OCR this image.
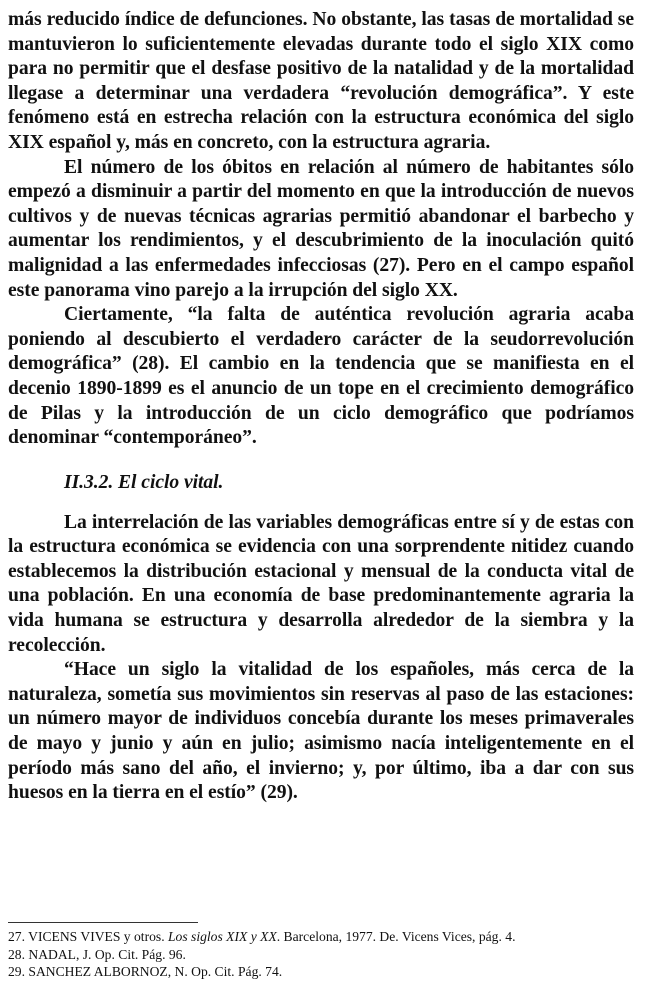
más reducido índice de defunciones. No obstante, las tasas de mortalidad se mantuvieron lo suficientemente elevadas durante todo el siglo XIX como para no permitir que el desfase positivo de la natalidad y de la mortalidad llegase a determinar una verdadera “revolución demográfica”. Y este fenómeno está en estrecha relación con la estructura económica del siglo XIX español y, más en concreto, con la estructura agraria.

El número de los óbitos en relación al número de habitantes sólo empezó a disminuir a partir del momento en que la introducción de nuevos cultivos y de nuevas técnicas agrarias permitió abandonar el barbecho y aumentar los rendimientos, y el descubrimiento de la inoculación quitó malignidad a las enfermedades infecciosas (27). Pero en el campo español este panorama vino parejo a la irrupción del siglo XX.

Ciertamente, “la falta de auténtica revolución agraria acaba poniendo al descubierto el verdadero carácter de la seudorrevolución demográfica” (28). El cambio en la tendencia que se manifiesta en el decenio 1890-1899 es el anuncio de un tope en el crecimiento demográfico de Pilas y la introducción de un ciclo demográfico que podríamos denominar “contemporáneo”.

II.3.2. El ciclo vital.

La interrelación de las variables demográficas entre sí y de estas con la estructura económica se evidencia con una sorprendente nitidez cuando establecemos la distribución estacional y mensual de la conducta vital de una población. En una economía de base predominantemente agraria la vida humana se estructura y desarrolla alrededor de la siembra y la recolección.

“Hace un siglo la vitalidad de los españoles, más cerca de la naturaleza, sometía sus movimientos sin reservas al paso de las estaciones: un número mayor de individuos concebía durante los meses primaverales de mayo y junio y aún en julio; asimismo nacía inteligentemente en el período más sano del año, el invierno; y, por último, iba a dar con sus huesos en la tierra en el estío” (29).

27. VICENS VIVES y otros. Los siglos XIX y XX. Barcelona, 1977. De. Vicens Vices, pág. 4.

28. NADAL, J. Op. Cit. Pág. 96.

29. SANCHEZ ALBORNOZ, N. Op. Cit. Pág. 74.
